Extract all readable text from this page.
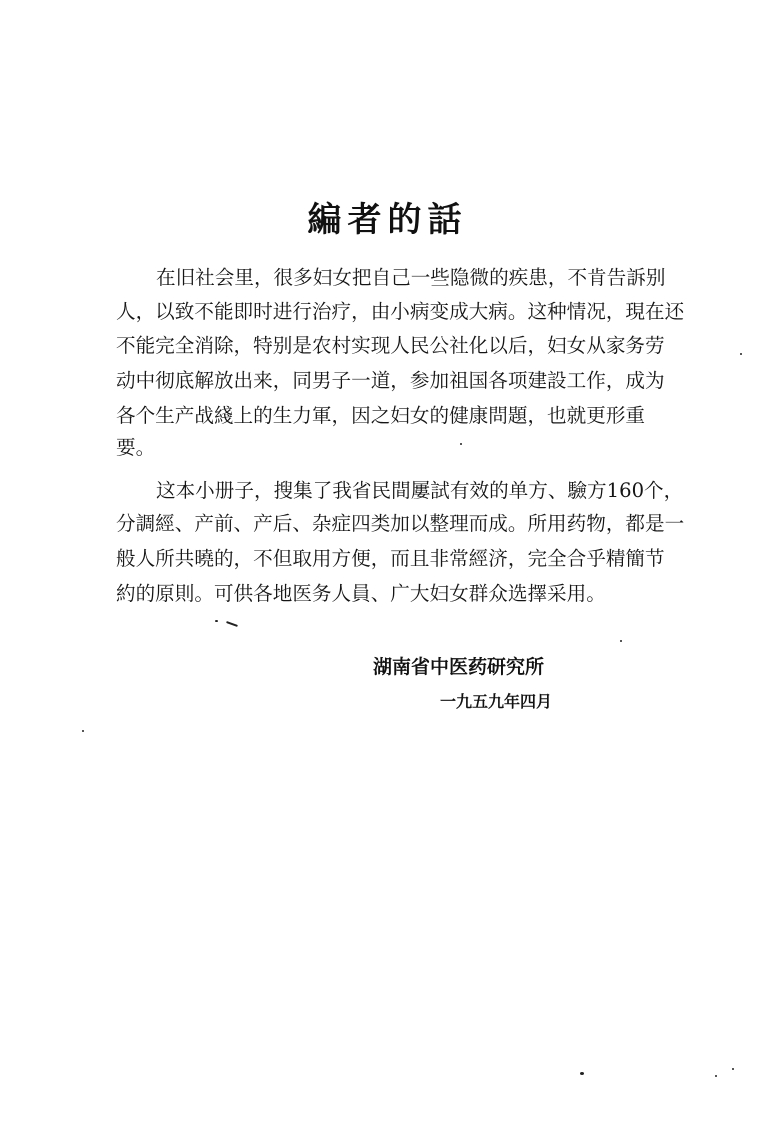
編者的話

在旧社会里，很多妇女把自己一些隐微的疾患，不肯告訴别

人，以致不能即时进行治疗，由小病变成大病。这种情况，現在还

不能完全消除，特别是农村实现人民公社化以后，妇女从家务劳

动中彻底解放出来，同男子一道，参加祖国各项建設工作，成为

各个生产战綫上的生力軍，因之妇女的健康問題，也就更形重

要。

这本小册子，搜集了我省民間屢試有效的单方、驗方160个，

分調經、产前、产后、杂症四类加以整理而成。所用药物，都是一

般人所共曉的，不但取用方便，而且非常經济，完全合乎精簡节

約的原則。可供各地医务人員、广大妇女群众选擇采用。

湖南省中医药研究所

一九五九年四月
